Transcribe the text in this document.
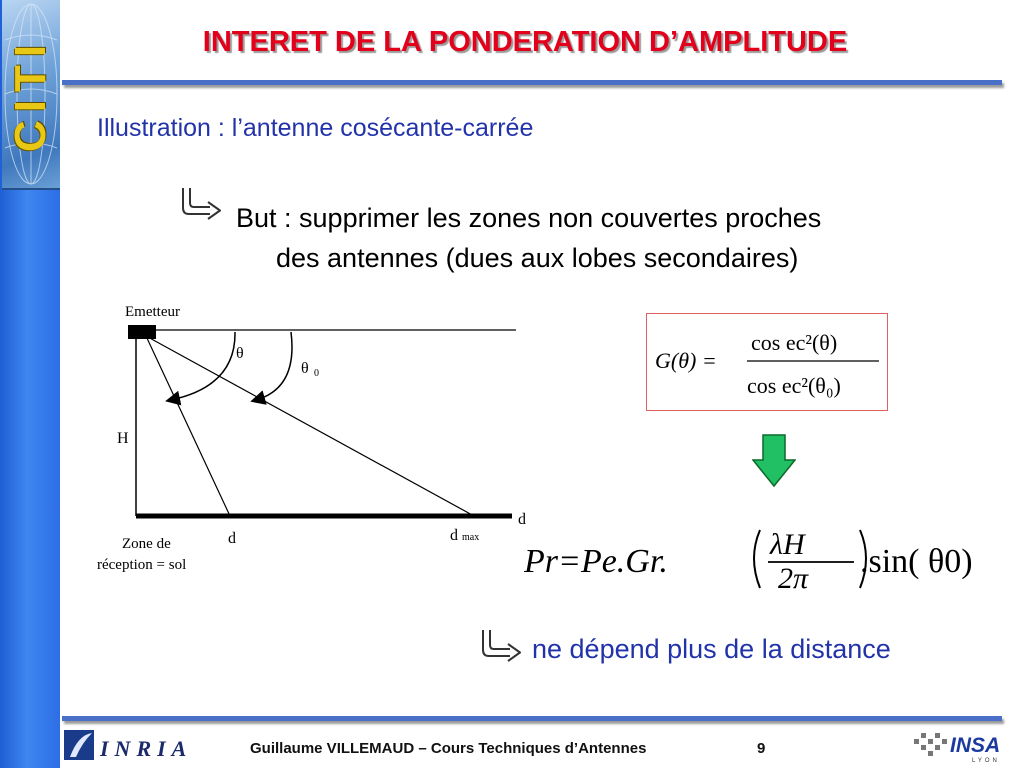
CITI	INTERET DE LA PONDERATION D’AMPLITUDE
Illustration : l’antenne cosécante-carrée
But : supprimer les zones non couvertes proches
des antennes (dues aux lobes secondaires)
Emetteur
θ
θ 0
H
Zone de
réception = sol
d	d max
d
G(θ) =
cos ec²(θ)
cos ec²(θ₀)
Pr=Pe.Gr.	λH
2π .sin( θ0)
ne dépend plus de la distance
INRIA	Guillaume VILLEMAUD – Cours Techniques d’Antennes	9	INSA
LYON
